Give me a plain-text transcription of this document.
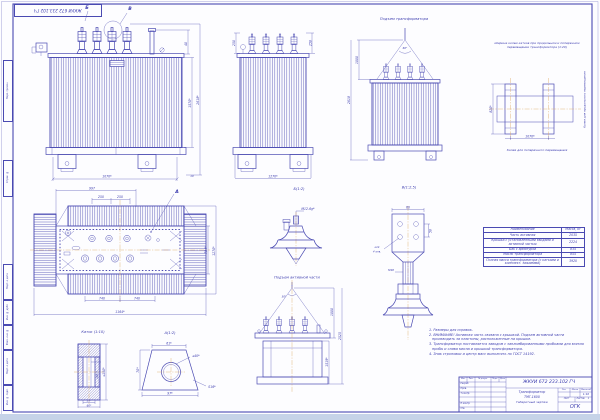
Б	В
1070*
40
1570* 2618*
10
250	250
1270*
Подъем трансформатора
60°
1000
2618
820*
1070*
А
997
250	250
784* 1270*
740	740
1164*
Каток (1:10)
⌀150*
⌀66,5
55*
60*
А(1:2)
61*
⌀40*
70*
97*
S16*
Б(1:2)
М12-6g*
Подъем активной части
30°
1000
2525
1519*
В(1:2.5)
⌀14
4 отв.
М48
60
50
ЖКУИ 672 233.102 ГЧ
Перв. примен.
Справ. №
Подп. и дата
Инв. № дубл.
Взам. инв. №
Подп. и дата
Инв. № подл.
Ширина колеи катков при продольном и поперечном перемещении трансформатора (1:20)
Колея для продольного перемещения
Колея для поперечного перемещения
Наименование	Масса, кг
Часть активная	2035
Крышка с установленными вводами и активной частью	2224
Бак с арматурой	835
Масло трансформатора	855
Полная масса трансформатора (с катками и комплект. зажимами)	3920
1. Размеры для справок.
2. ВНИМАНИЕ! Активная часть связана с крышкой. Подъем активной части производить за пластины, расположенные на крышке.
3. Трансформатор поставляется заводом с запломбированными пробками для взятия пробы и слива масла и крышкой трансформатора.
4. Знак строповки и центр масс выполнять по ГОСТ 14192.
ЖКУИ 672 233.102 ГЧ
Трансформатор
ТМГ-1600
Габаритный чертеж
Лит.	Масса	Масштаб
1:10
Лист	Листов	1
ОГК
Изм.	Лист	№ докум.	Подп.	Дата
Разраб.
Пров.
Т.контр.
Н.контр.
Утв.
